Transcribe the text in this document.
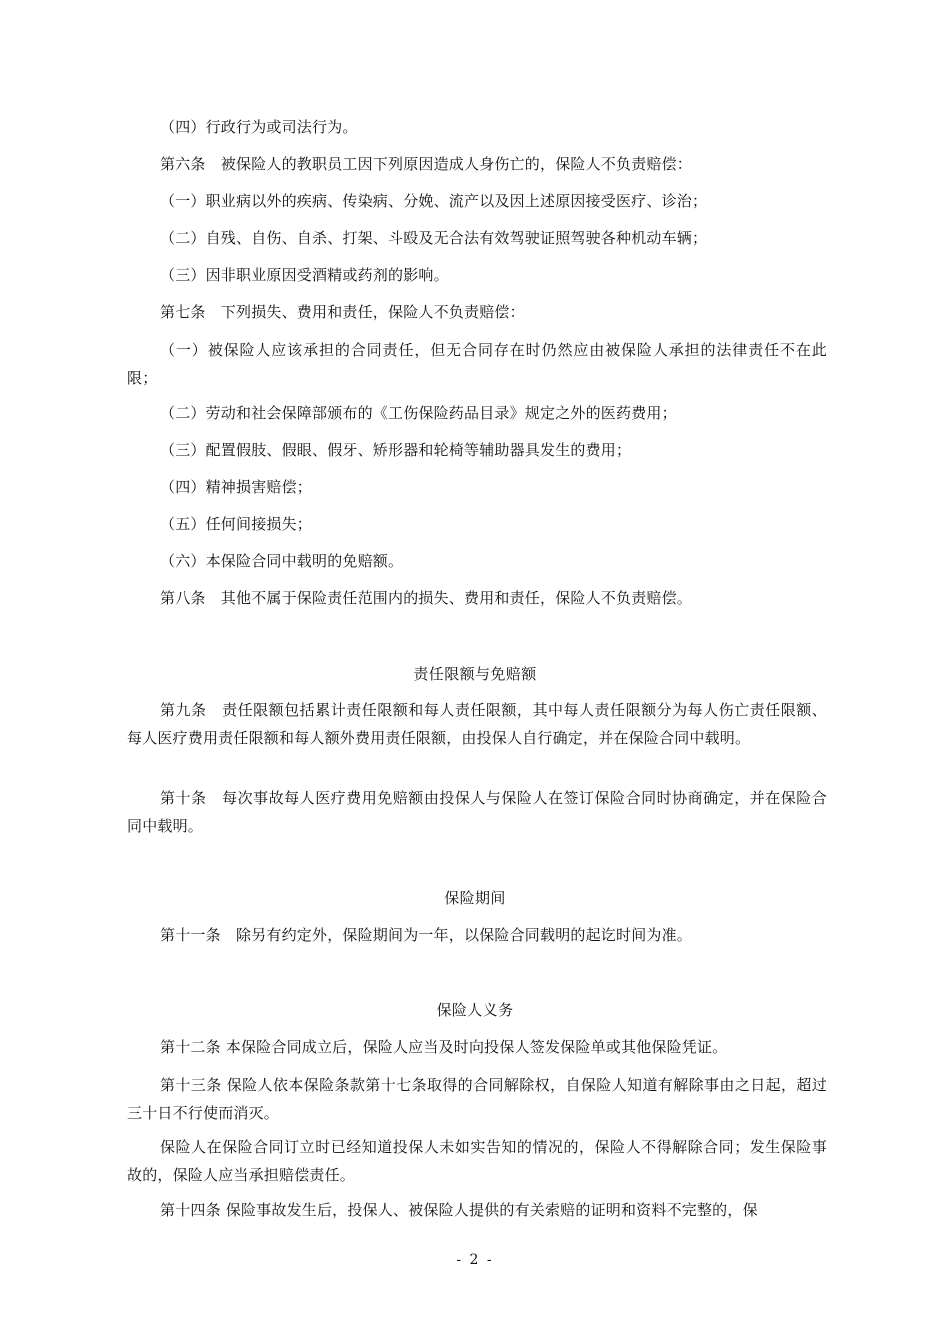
（四）行政行为或司法行为。
第六条　被保险人的教职员工因下列原因造成人身伤亡的，保险人不负责赔偿：
（一）职业病以外的疾病、传染病、分娩、流产以及因上述原因接受医疗、诊治；
（二）自残、自伤、自杀、打架、斗殴及无合法有效驾驶证照驾驶各种机动车辆；
（三）因非职业原因受酒精或药剂的影响。
第七条　下列损失、费用和责任，保险人不负责赔偿：
（一）被保险人应该承担的合同责任，但无合同存在时仍然应由被保险人承担的法律责任不在此限；
（二）劳动和社会保障部颁布的《工伤保险药品目录》规定之外的医药费用；
（三）配置假肢、假眼、假牙、矫形器和轮椅等辅助器具发生的费用；
（四）精神损害赔偿；
（五）任何间接损失；
（六）本保险合同中载明的免赔额。
第八条　其他不属于保险责任范围内的损失、费用和责任，保险人不负责赔偿。
责任限额与免赔额
第九条　责任限额包括累计责任限额和每人责任限额，其中每人责任限额分为每人伤亡责任限额、每人医疗费用责任限额和每人额外费用责任限额，由投保人自行确定，并在保险合同中载明。
第十条　每次事故每人医疗费用免赔额由投保人与保险人在签订保险合同时协商确定，并在保险合同中载明。
保险期间
第十一条　除另有约定外，保险期间为一年，以保险合同载明的起讫时间为准。
保险人义务
第十二条 本保险合同成立后，保险人应当及时向投保人签发保险单或其他保险凭证。
第十三条 保险人依本保险条款第十七条取得的合同解除权，自保险人知道有解除事由之日起，超过三十日不行使而消灭。
保险人在保险合同订立时已经知道投保人未如实告知的情况的，保险人不得解除合同；发生保险事故的，保险人应当承担赔偿责任。
第十四条 保险事故发生后，投保人、被保险人提供的有关索赔的证明和资料不完整的，保
- 2 -
